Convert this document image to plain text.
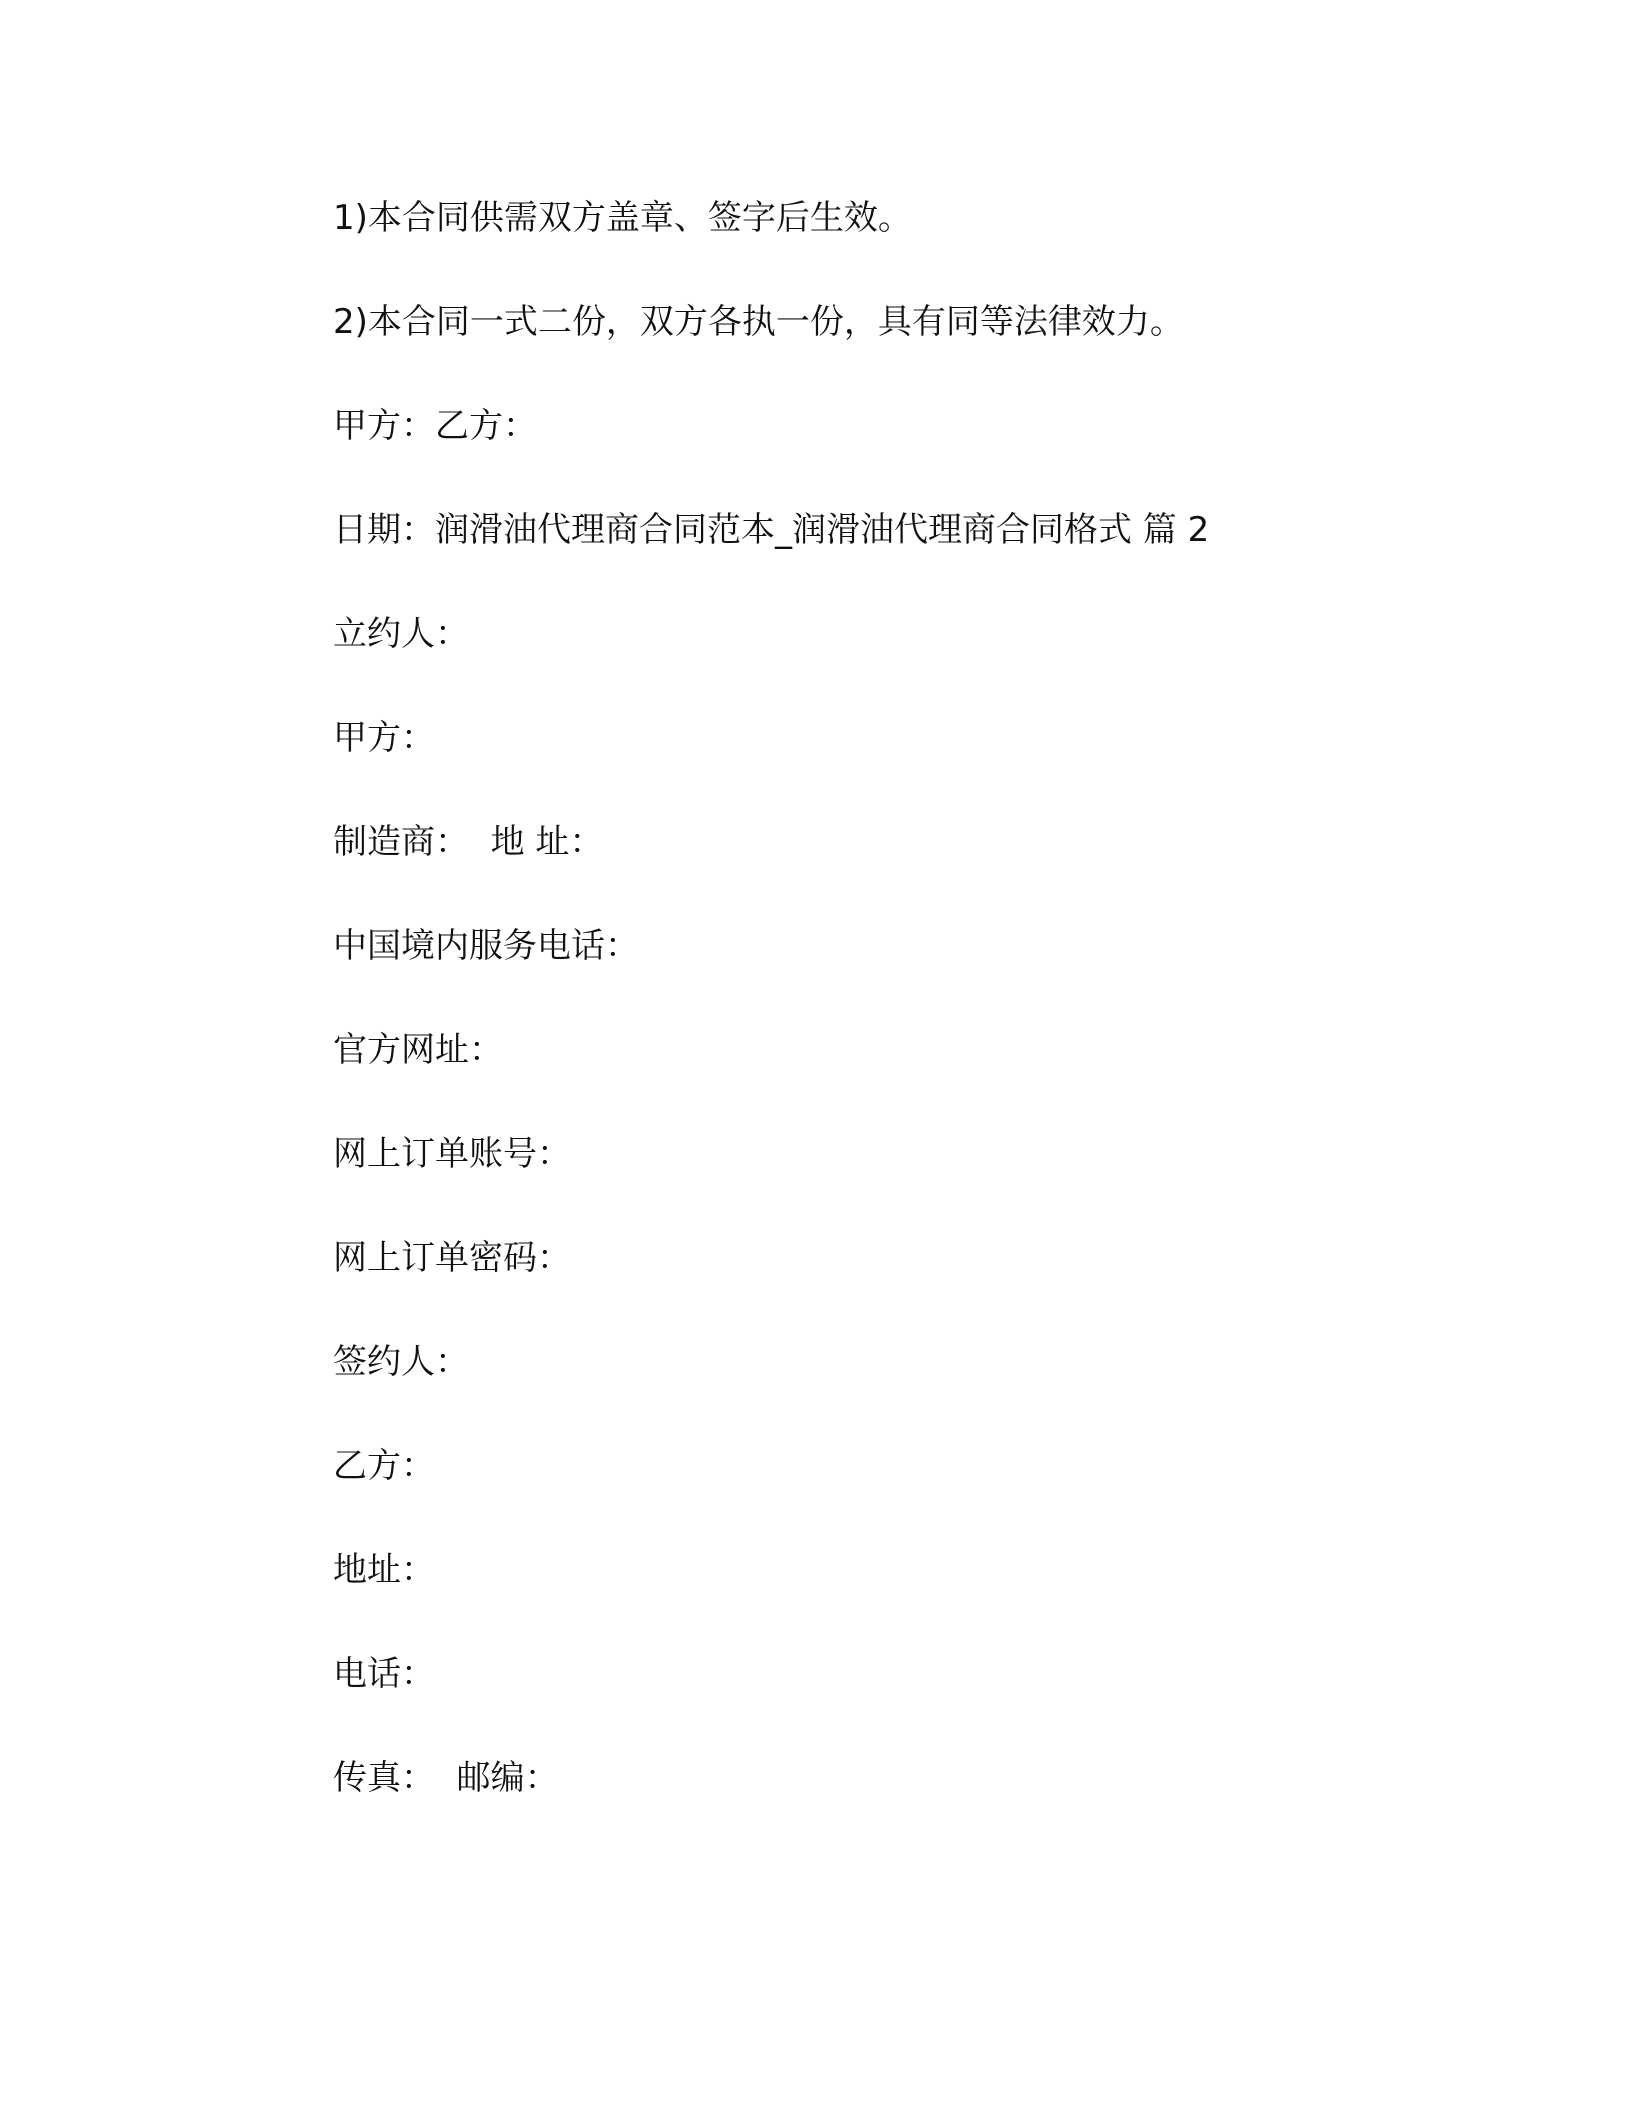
1)本合同供需双方盖章、签字后生效。

2)本合同一式二份，双方各执一份，具有同等法律效力。

甲方：乙方：

日期：润滑油代理商合同范本_润滑油代理商合同格式 篇 2

立约人：

甲方：

制造商：  地 址：

中国境内服务电话：

官方网址：

网上订单账号：

网上订单密码：

签约人：

乙方：

地址：

电话：

传真：  邮编：
